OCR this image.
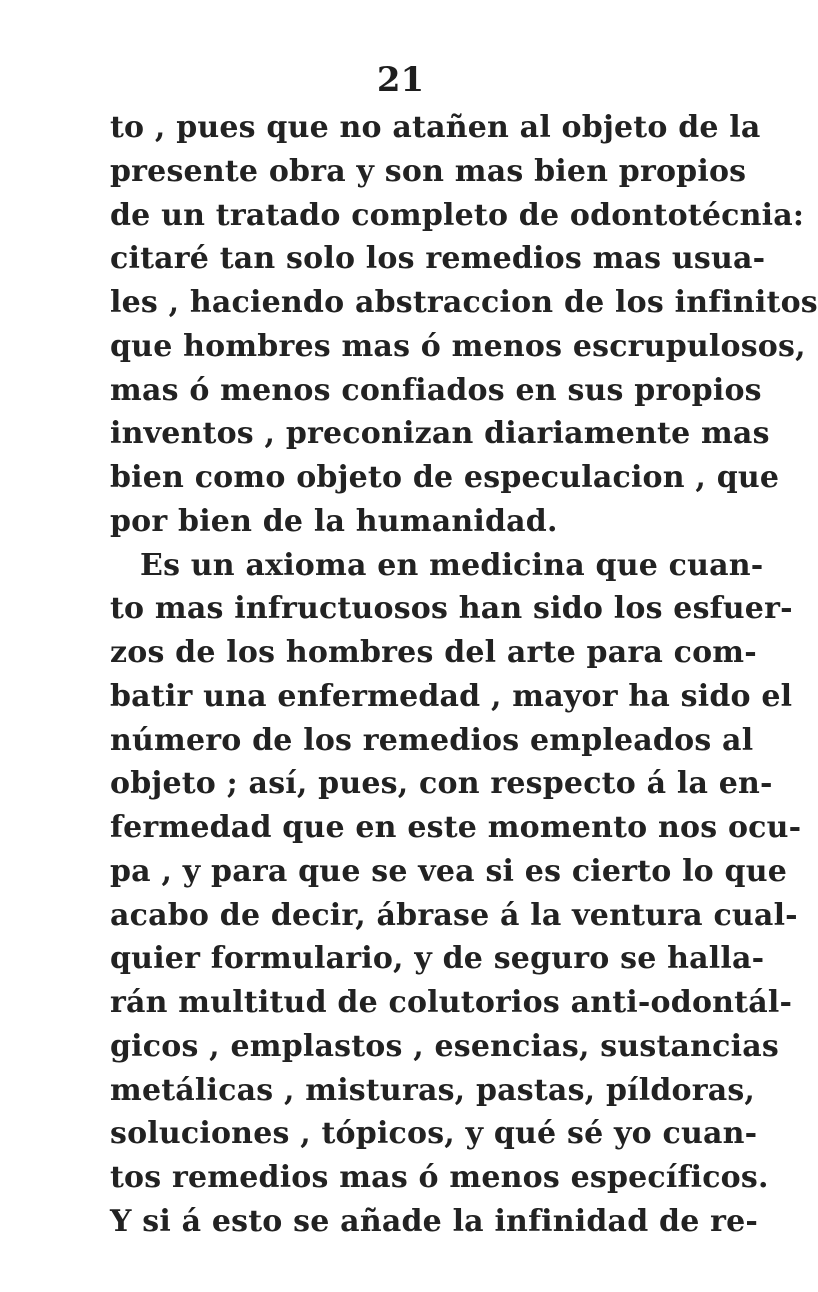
21
to , pues que no atañen al objeto de la
presente obra y son mas bien propios
de un tratado completo de odontotécnia:
citaré tan solo los remedios mas usua-
les , haciendo abstraccion de los infinitos
que hombres mas ó menos escrupulosos,
mas ó menos confiados en sus propios
inventos , preconizan diariamente mas
bien como objeto de especulacion , que
por bien de la humanidad.
Es un axioma en medicina que cuan-
to mas infructuosos han sido los esfuer-
zos de los hombres del arte para com-
batir una enfermedad , mayor ha sido el
número de los remedios empleados al
objeto ; así, pues, con respecto á la en-
fermedad que en este momento nos ocu-
pa , y para que se vea si es cierto lo que
acabo de decir, ábrase á la ventura cual-
quier formulario, y de seguro se halla-
rán multitud de colutorios anti-odontál-
gicos , emplastos , esencias, sustancias
metálicas , misturas, pastas, píldoras,
soluciones , tópicos, y qué sé yo cuan-
tos remedios mas ó menos específicos.
Y si á esto se añade la infinidad de re-
